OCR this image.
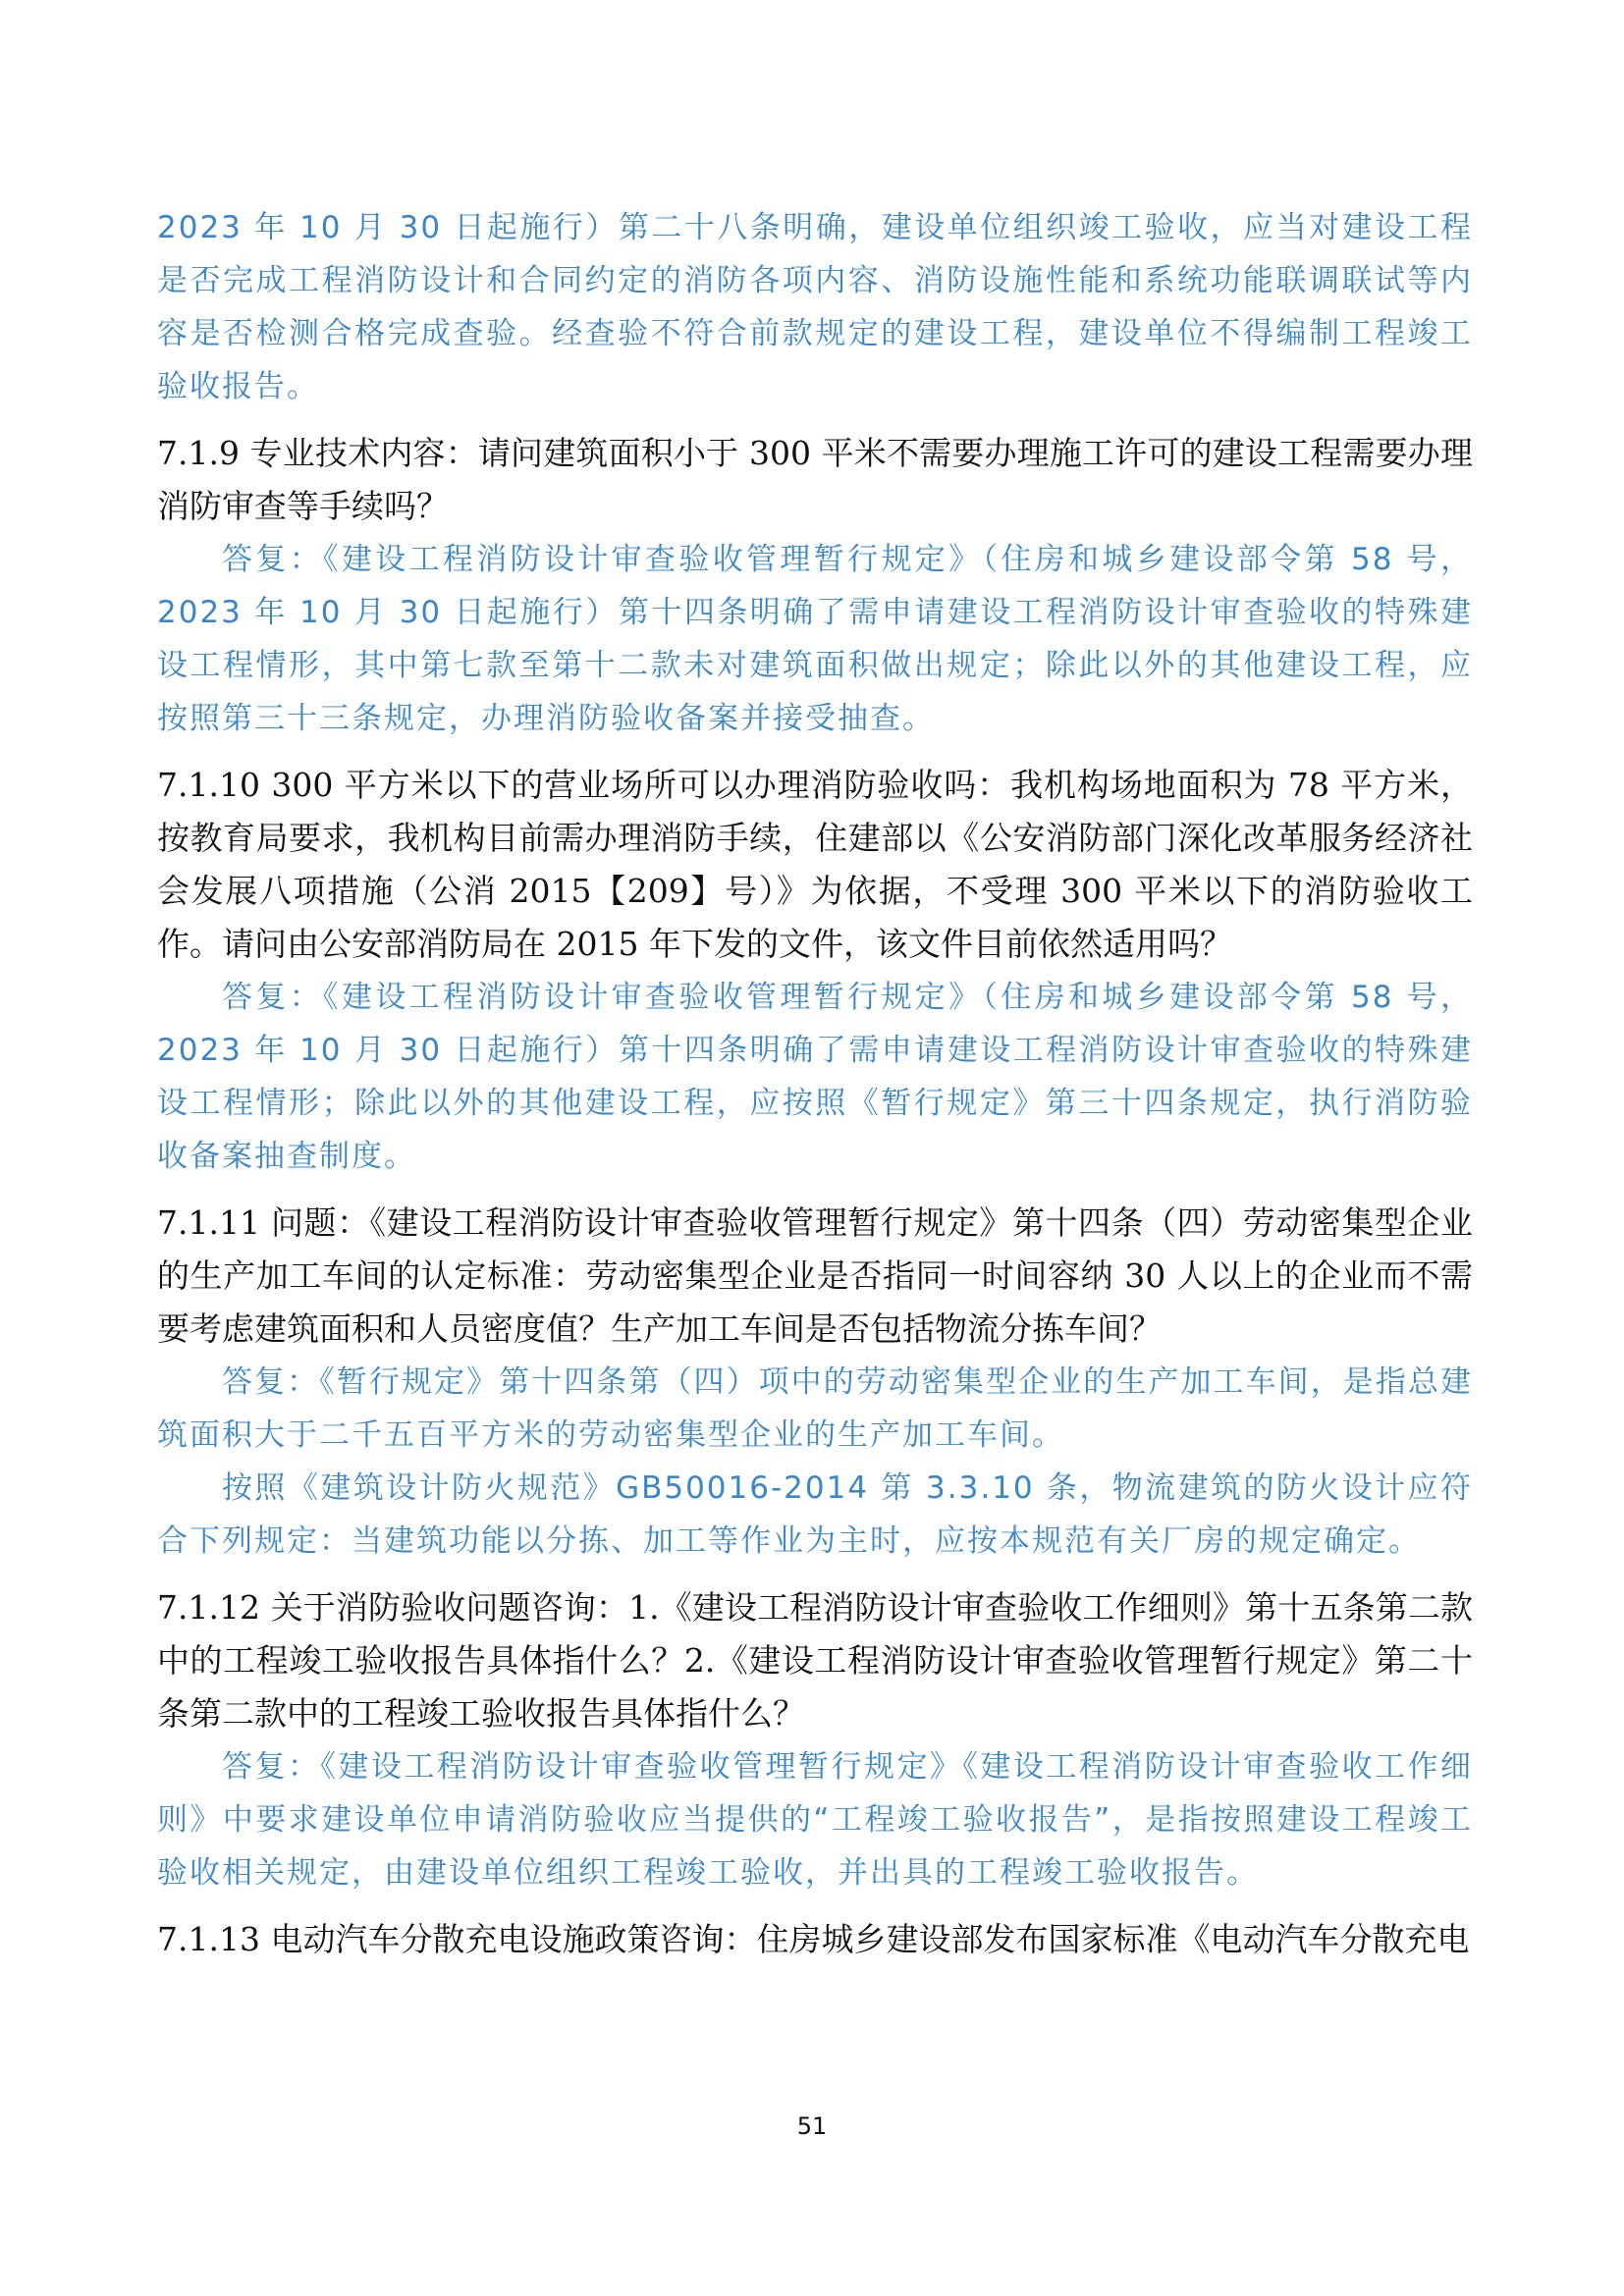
2023 年 10 月 30 日起施行）第二十八条明确，建设单位组织竣工验收，应当对建设工程是否完成工程消防设计和合同约定的消防各项内容、消防设施性能和系统功能联调联试等内容是否检测合格完成查验。经查验不符合前款规定的建设工程，建设单位不得编制工程竣工验收报告。

7.1.9 专业技术内容：请问建筑面积小于 300 平米不需要办理施工许可的建设工程需要办理消防审查等手续吗？

答复：《建设工程消防设计审查验收管理暂行规定》（住房和城乡建设部令第 58 号，2023 年 10 月 30 日起施行）第十四条明确了需申请建设工程消防设计审查验收的特殊建设工程情形，其中第七款至第十二款未对建筑面积做出规定；除此以外的其他建设工程，应按照第三十三条规定，办理消防验收备案并接受抽查。

7.1.10 300 平方米以下的营业场所可以办理消防验收吗：我机构场地面积为 78 平方米，按教育局要求，我机构目前需办理消防手续，住建部以《公安消防部门深化改革服务经济社会发展八项措施（公消 2015【209】号）》为依据，不受理 300 平米以下的消防验收工作。请问由公安部消防局在 2015 年下发的文件，该文件目前依然适用吗？

答复：《建设工程消防设计审查验收管理暂行规定》（住房和城乡建设部令第 58 号，2023 年 10 月 30 日起施行）第十四条明确了需申请建设工程消防设计审查验收的特殊建设工程情形；除此以外的其他建设工程，应按照《暂行规定》第三十四条规定，执行消防验收备案抽查制度。

7.1.11 问题：《建设工程消防设计审查验收管理暂行规定》第十四条（四）劳动密集型企业的生产加工车间的认定标准：劳动密集型企业是否指同一时间容纳 30 人以上的企业而不需要考虑建筑面积和人员密度值？生产加工车间是否包括物流分拣车间？

答复：《暂行规定》第十四条第（四）项中的劳动密集型企业的生产加工车间，是指总建筑面积大于二千五百平方米的劳动密集型企业的生产加工车间。

按照《建筑设计防火规范》GB50016-2014 第 3.3.10 条，物流建筑的防火设计应符合下列规定：当建筑功能以分拣、加工等作业为主时，应按本规范有关厂房的规定确定。

7.1.12 关于消防验收问题咨询：1.《建设工程消防设计审查验收工作细则》第十五条第二款中的工程竣工验收报告具体指什么？2.《建设工程消防设计审查验收管理暂行规定》第二十条第二款中的工程竣工验收报告具体指什么？

答复：《建设工程消防设计审查验收管理暂行规定》《建设工程消防设计审查验收工作细则》中要求建设单位申请消防验收应当提供的“工程竣工验收报告”，是指按照建设工程竣工验收相关规定，由建设单位组织工程竣工验收，并出具的工程竣工验收报告。

7.1.13 电动汽车分散充电设施政策咨询：住房城乡建设部发布国家标准《电动汽车分散充电

51
